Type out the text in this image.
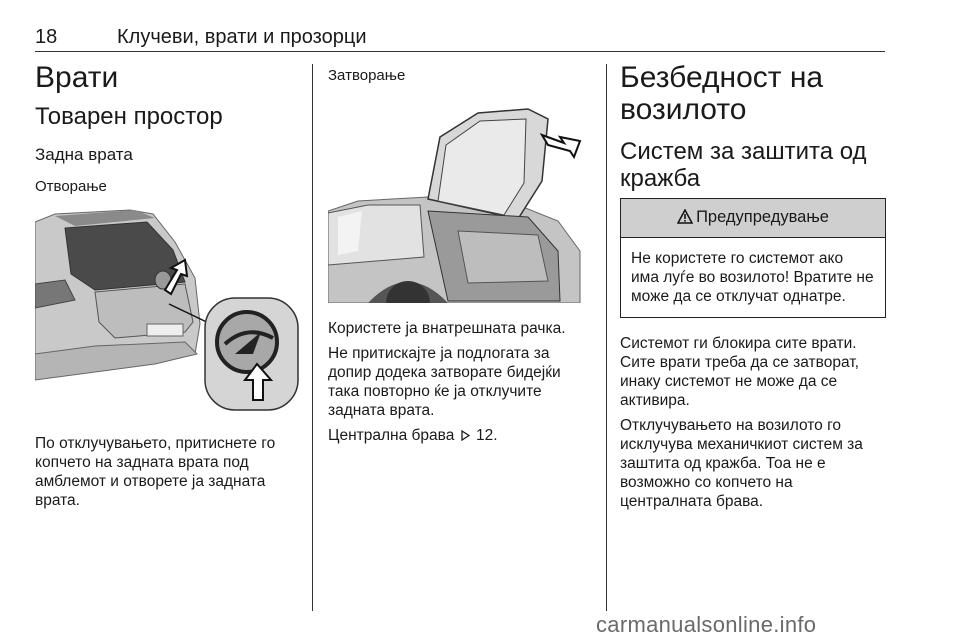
18	Клучеви, врати и прозорци
Врати
Товарен простор
Задна врата
Отворање

По отклучувањето, притиснете го копчето на задната врата под амблемот и отворете ја задната врата.

Затворање

Користете ја внатрешната рачка.

Не притискајте ја подлогата за допир додека затворате бидејќи така повторно ќе ја отклучите задната врата.

Централна брава 12.

Безбедност на возилото
Систем за заштита од кражба
Предупредување
Не користете го системот ако има луѓе во возилото! Вратите не може да се отклучат однатре.

Системот ги блокира сите врати. Сите врати треба да се затворат, инаку системот не може да се активира.

Отклучувањето на возилото го исклучува механичкиот систем за заштита од кражба. Тоа не е возможно со копчето на централната брава.

carmanualsonline.info
